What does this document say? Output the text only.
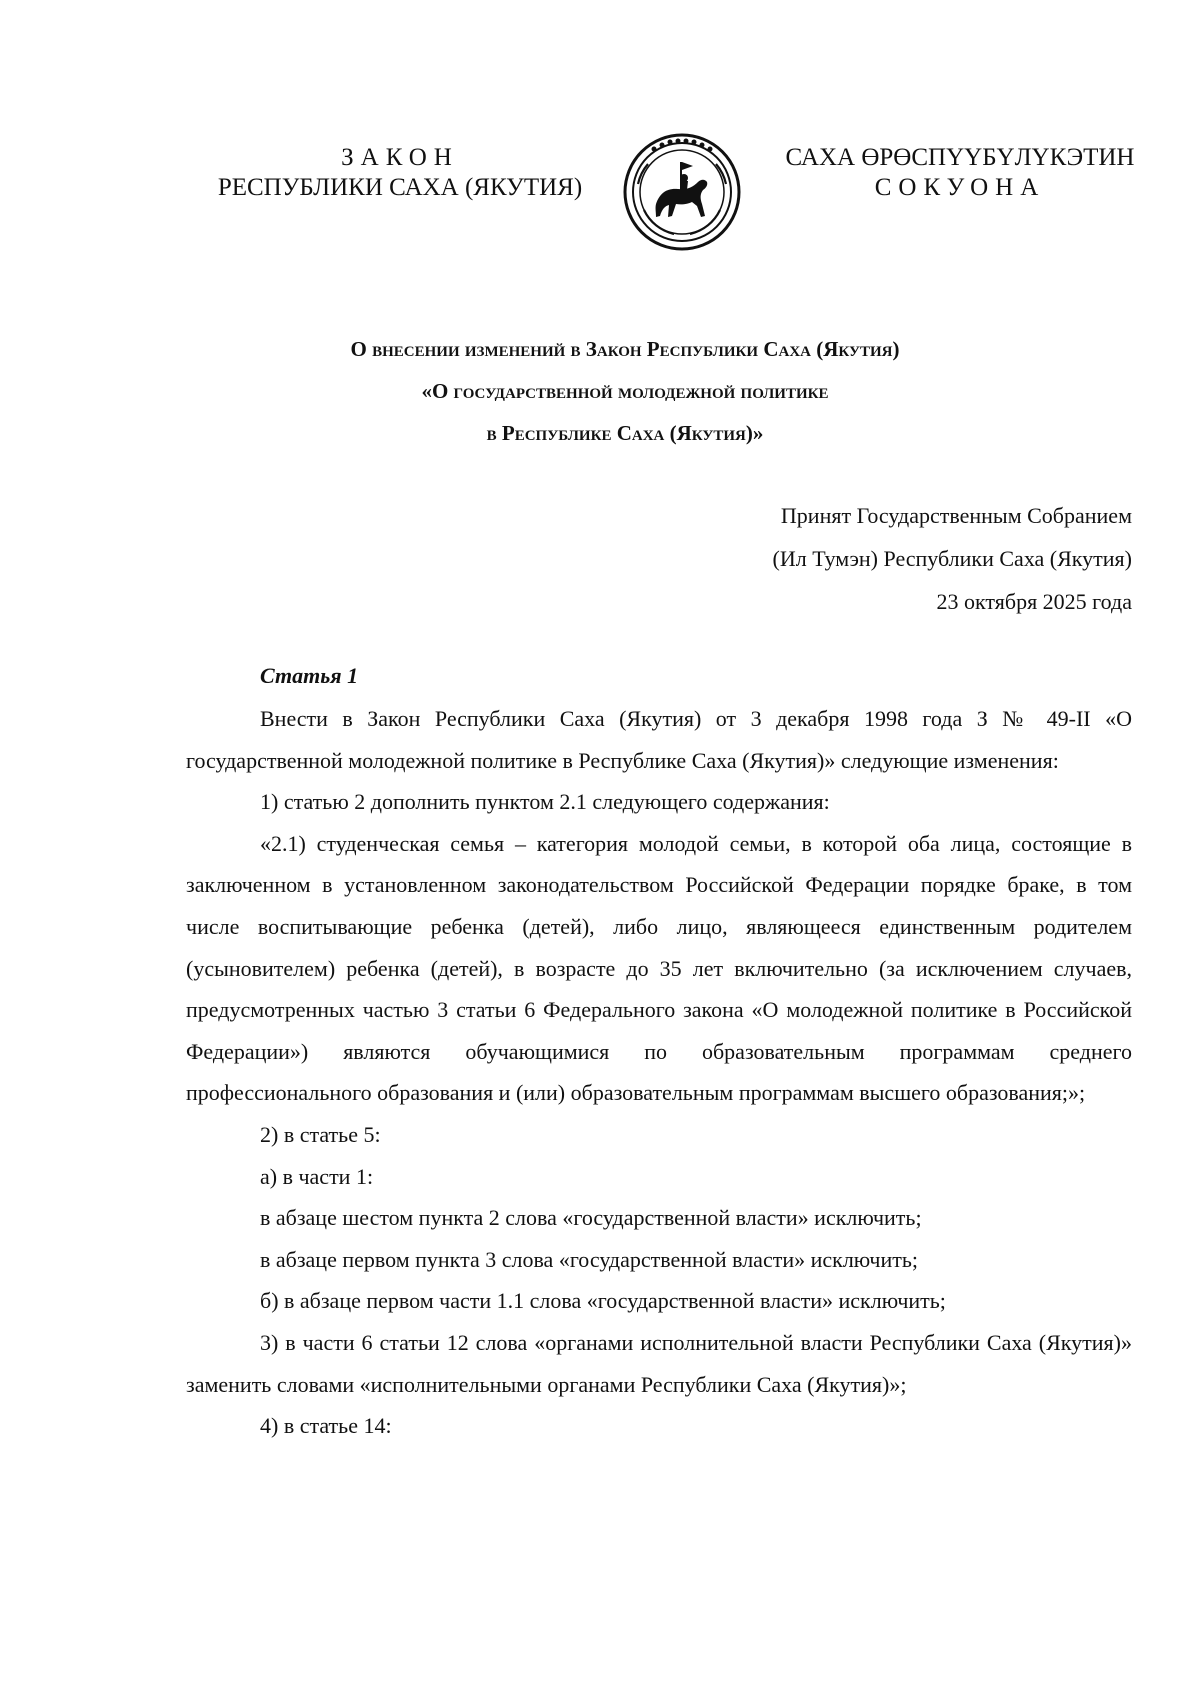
ЗАКОН
РЕСПУБЛИКИ САХА (ЯКУТИЯ)
САХА ӨРӨСПҮҮБҮЛҮКЭТИН
СОКУОНА
О внесении изменений в Закон Республики Саха (Якутия)
«О государственной молодежной политике
в Республике Саха (Якутия)»
Принят Государственным Собранием
(Ил Тумэн) Республики Саха (Якутия)
23 октября 2025 года
Статья 1

Внести в Закон Республики Саха (Якутия) от 3 декабря 1998 года З № 49-II «О государственной молодежной политике в Республике Саха (Якутия)» следующие изменения:

1) статью 2 дополнить пунктом 2.1 следующего содержания:

«2.1) студенческая семья – категория молодой семьи, в которой оба лица, состоящие в заключенном в установленном законодательством Российской Федерации порядке браке, в том числе воспитывающие ребенка (детей), либо лицо, являющееся единственным родителем (усыновителем) ребенка (детей), в возрасте до 35 лет включительно (за исключением случаев, предусмотренных частью 3 статьи 6 Федерального закона «О молодежной политике в Российской Федерации») являются обучающимися по образовательным программам среднего профессионального образования и (или) образовательным программам высшего образования;»;

2) в статье 5:

а) в части 1:

в абзаце шестом пункта 2 слова «государственной власти» исключить;

в абзаце первом пункта 3 слова «государственной власти» исключить;

б) в абзаце первом части 1.1 слова «государственной власти» исключить;

3) в части 6 статьи 12 слова «органами исполнительной власти Республики Саха (Якутия)» заменить словами «исполнительными органами Республики Саха (Якутия)»;

4) в статье 14:
